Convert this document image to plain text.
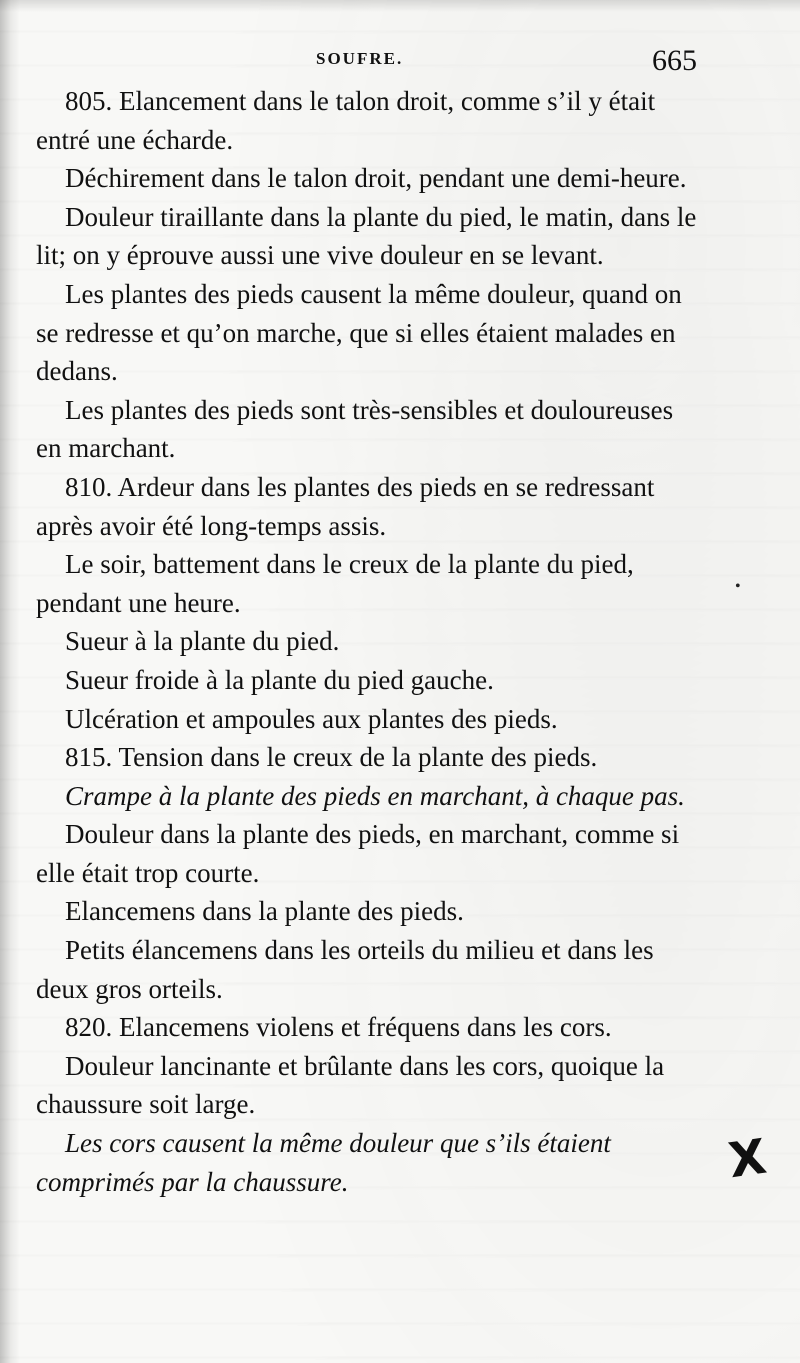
SOUFRE.	665

805. Elancement dans le talon droit, comme s’il y était entré une écharde.

Déchirement dans le talon droit, pendant une demi-heure.

Douleur tiraillante dans la plante du pied, le matin, dans le lit; on y éprouve aussi une vive douleur en se levant.

Les plantes des pieds causent la même douleur, quand on se redresse et qu’on marche, que si elles étaient malades en dedans.

Les plantes des pieds sont très-sensibles et douloureuses en marchant.

810. Ardeur dans les plantes des pieds en se redressant après avoir été long-temps assis.

Le soir, battement dans le creux de la plante du pied, pendant une heure.

Sueur à la plante du pied.

Sueur froide à la plante du pied gauche.

Ulcération et ampoules aux plantes des pieds.

815. Tension dans le creux de la plante des pieds.

Crampe à la plante des pieds en marchant, à chaque pas.

Douleur dans la plante des pieds, en marchant, comme si elle était trop courte.

Elancemens dans la plante des pieds.

Petits élancemens dans les orteils du milieu et dans les deux gros orteils.

820. Elancemens violens et fréquens dans les cors.

Douleur lancinante et brûlante dans les cors, quoique la chaussure soit large.

Les cors causent la même douleur que s’ils étaient comprimés par la chaussure.	X
•
